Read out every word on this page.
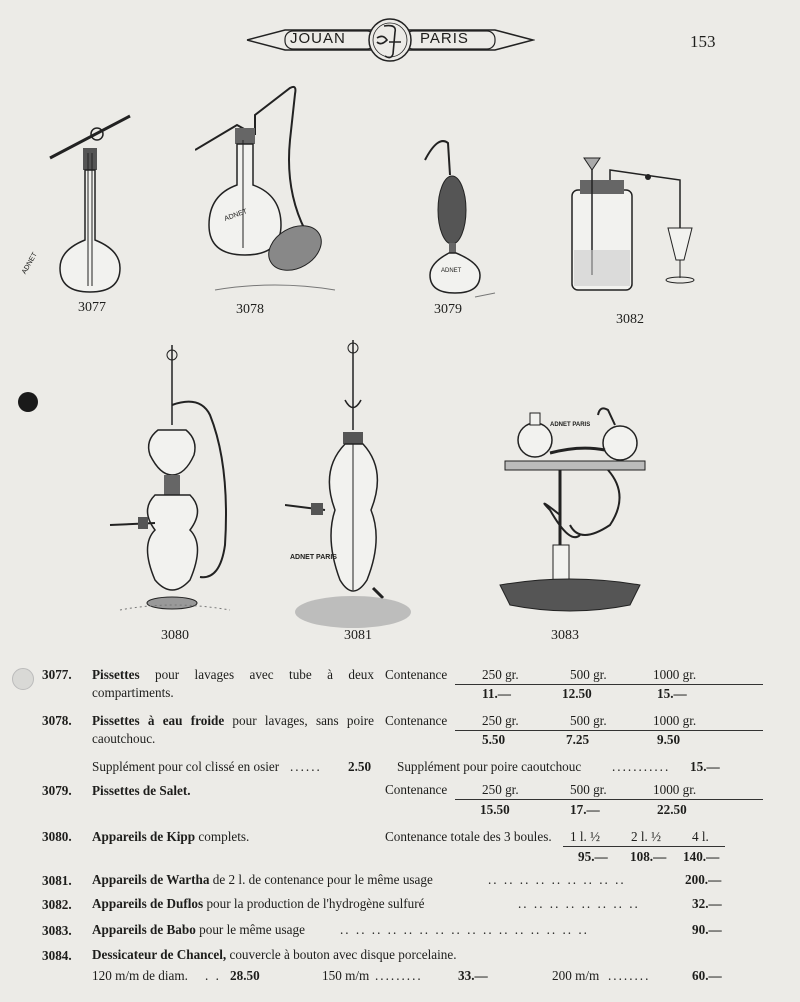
JOUAN	PARIS	153
ADNET
3077
ADNET
3078
ADNET
3079
3082
3080
ADNET PARIS
3081
ADNET PARIS
3083
3077. Pissettes pour lavages avec tube à deux compartiments.
Contenance	250 gr.	500 gr.	1000 gr.
11.—	12.50	15.—
3078. Pissettes à eau froide pour lavages, sans poire caoutchouc.
Contenance	250 gr.	500 gr.	1000 gr.
5.50	7.25	9.50
Supplément pour col clissé en osier ...... 2.50 Supplément pour poire caoutchouc ........... 15.—
3079. Pissettes de Salet.	Contenance	250 gr.	500 gr.	1000 gr.
15.50	17.—	22.50
3080. Appareils de Kipp complets.	Contenance totale des 3 boules. 1 l. ½ 2 l. ½ 4 l.
95.— 108.— 140.—
3081. Appareils de Wartha de 2 l. de contenance pour le même usage	.. .. .. .. .. .. .. .. ..	200.—
3082. Appareils de Duflos pour la production de l'hydrogène sulfuré	.. .. .. .. .. .. .. ..	32.—
3083. Appareils de Babo pour le même usage	.. .. .. .. .. .. .. .. .. .. .. .. .. .. .. ..	90.—
3084. Dessicateur de Chancel, couvercle à bouton avec disque porcelaine.
120 m/m de diam. . . 28.50	150 m/m .........	33.—	200 m/m ........	60.—
